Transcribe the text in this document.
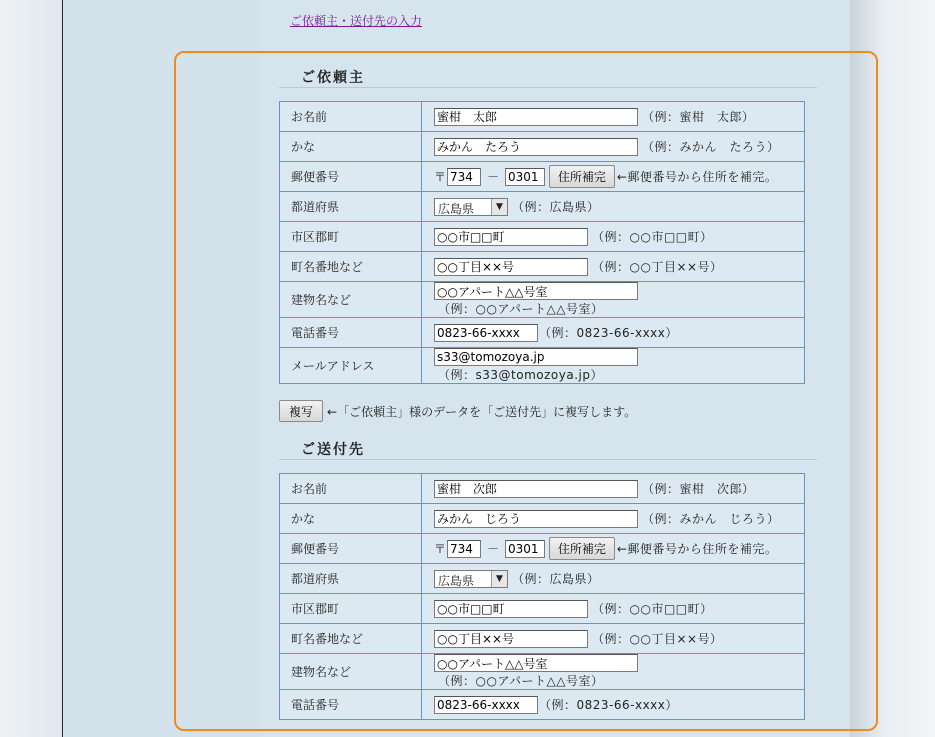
ご依頼主・送付先の入力
ご依頼主
お名前	蜜柑　太郎（例：蜜柑　太郎）
かな	みかん　たろう（例：みかん　たろう）
郵便番号	〒734 －0301 住所補完 ←郵便番号から住所を補完。
都道府県	広島県 ▼ （例：広島県）
市区郡町	○○市□□町（例：○○市□□町）
町名番地など	○○丁目××号（例：○○丁目××号）
建物名など	○○アパート△△号室（例：○○アパート△△号室）
電話番号	0823-66-xxxx（例：0823-66-xxxx）
メールアドレス	s33@tomozoya.jp（例：s33@tomozoya.jp）
複写 ←「ご依頼主」様のデータを「ご送付先」に複写します。
ご送付先
お名前	蜜柑　次郎（例：蜜柑　次郎）
かな	みかん　じろう（例：みかん　じろう）
郵便番号	〒734 －0301 住所補完 ←郵便番号から住所を補完。
都道府県	広島県 ▼ （例：広島県）
市区郡町	○○市□□町（例：○○市□□町）
町名番地など	○○丁目××号（例：○○丁目××号）
建物名など	○○アパート△△号室（例：○○アパート△△号室）
電話番号	0823-66-xxxx（例：0823-66-xxxx）
